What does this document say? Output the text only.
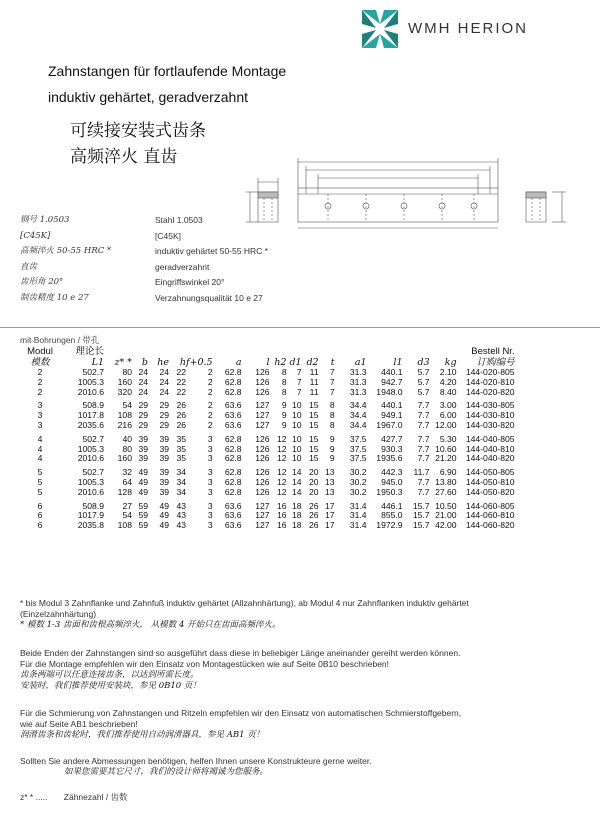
WMH HERION
Zahnstangen für fortlaufende Montage
induktiv gehärtet, geradverzahnt
可续接安装式齿条
高频淬火 直齿
钢号 1.0503
[C45K]
高频淬火 50-55 HRC *
直齿
齿形角 20°
制齿精度 10 e 27
Stahl 1.0503
[C45K]
induktiv gehärtet 50-55 HRC *
geradverzahnt
Eingriffswinkel 20°
Verzahnungsqualität 10 e 27
mit Bohrungen / 带孔
Modul	理论长																Bestell Nr.
模数	L1	z* *	b	he	h	f+0.5	a	l	h2	d1	d2	t	a1	l1	d3	kg	订购编号
2	502.7	80	24	24	22	2	62.8	126	8	7	11	7	31.3	440.1	5.7	2.10	144-020-805
2	1005.3	160	24	24	22	2	62.8	126	8	7	11	7	31.3	942.7	5.7	4.20	144-020-810
2	2010.6	320	24	24	22	2	62.8	126	8	7	11	7	31.3	1948.0	5.7	8.40	144-020-820

3	508.9	54	29	29	26	2	63.6	127	9	10	15	8	34.4	440.1	7.7	3.00	144-030-805
3	1017.8	108	29	29	26	2	63.6	127	9	10	15	8	34.4	949.1	7.7	6.00	144-030-810
3	2035.6	216	29	29	26	2	63.6	127	9	10	15	8	34.4	1967.0	7.7	12.00	144-030-820

4	502.7	40	39	39	35	3	62.8	126	12	10	15	9	37.5	427.7	7.7	5.30	144-040-805
4	1005.3	80	39	39	35	3	62.8	126	12	10	15	9	37.5	930.3	7.7	10.60	144-040-810
4	2010.6	160	39	39	35	3	62.8	126	12	10	15	9	37.5	1935.6	7.7	21.20	144-040-820

5	502.7	32	49	39	34	3	62.8	126	12	14	20	13	30.2	442.3	11.7	6.90	144-050-805
5	1005.3	64	49	39	34	3	62.8	126	12	14	20	13	30.2	945.0	7.7	13.80	144-050-810
5	2010.6	128	49	39	34	3	62.8	126	12	14	20	13	30.2	1950.3	7.7	27.60	144-050-820

6	508.9	27	59	49	43	3	63.6	127	16	18	26	17	31.4	446.1	15.7	10.50	144-060-805
6	1017.9	54	59	49	43	3	63.6	127	16	18	26	17	31.4	855.0	15.7	21.00	144-060-810
6	2035.8	108	59	49	43	3	63.6	127	16	18	26	17	31.4	1972.9	15.7	42.00	144-060-820
* bis Modul 3 Zahnflanke und Zahnfuß induktiv gehärtet (Allzahnhärtung), ab Modul 4 nur Zahnflanken induktiv gehärtet
(Einzelzahnhärtung)
* 模数 1-3 齿面和齿根高频淬火， 从模数 4 开始只在齿面高频淬火。
Beide Enden der Zahnstangen sind so ausgeführt dass diese in beliebiger Länge aneinander gereiht werden können.
Für die Montage empfehlen wir den Einsatz von Montagestücken wie auf Seite 0B10 beschrieben!
齿条两端可以任意连接齿条，以达到所需长度。
安装时，我们推荐使用安装块，参见 0B10 页！
Für die Schmierung von Zahnstangen und Ritzeln empfehlen wir den Einsatz von automatischen Schmierstoffgebern,
wie auf Seite AB1 beschrieben!
润滑齿条和齿轮时，我们推荐使用自动润滑器具，参见 AB1 页！
Sollten Sie andere Abmessungen benötigen, helfen Ihnen unsere Konstrukteure gerne weiter.
如果您需要其它尺寸，我们的设计师将竭诚为您服务。
z* * ..... Zähnezahl / 齿数
